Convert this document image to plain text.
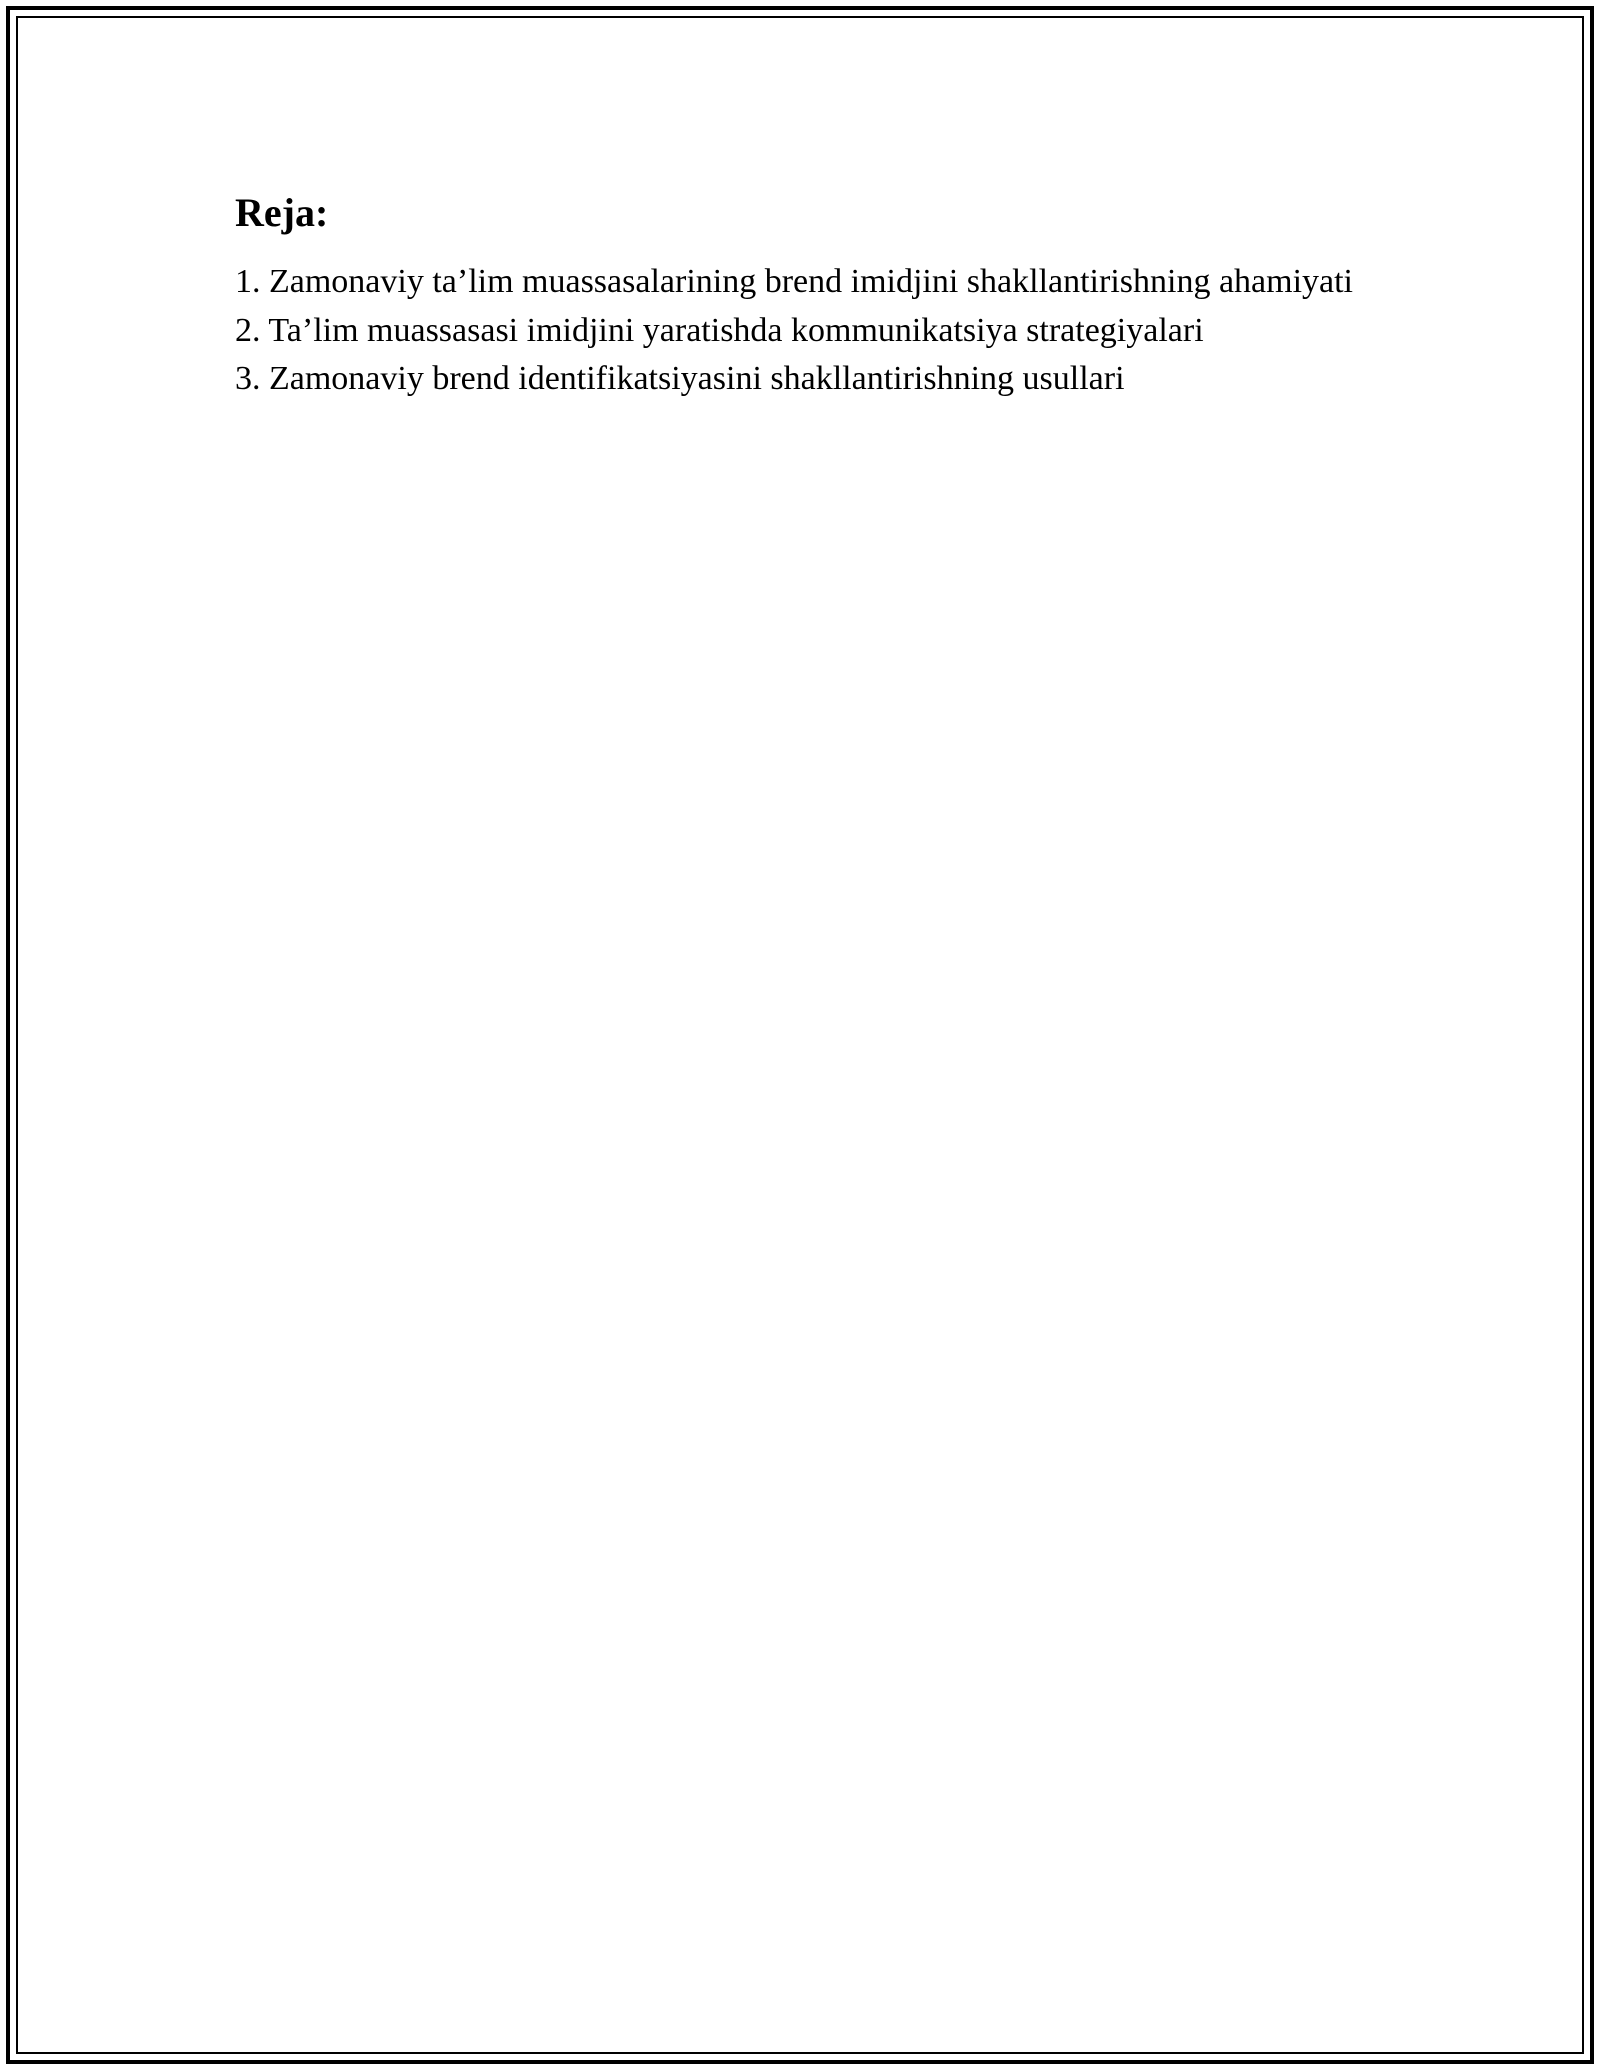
Reja:
1. Zamonaviy ta’lim muassasalarining brend imidjini shakllantirishning ahamiyati
2. Ta’lim muassasasi imidjini yaratishda kommunikatsiya strategiyalari
3. Zamonaviy brend identifikatsiyasini shakllantirishning usullari
